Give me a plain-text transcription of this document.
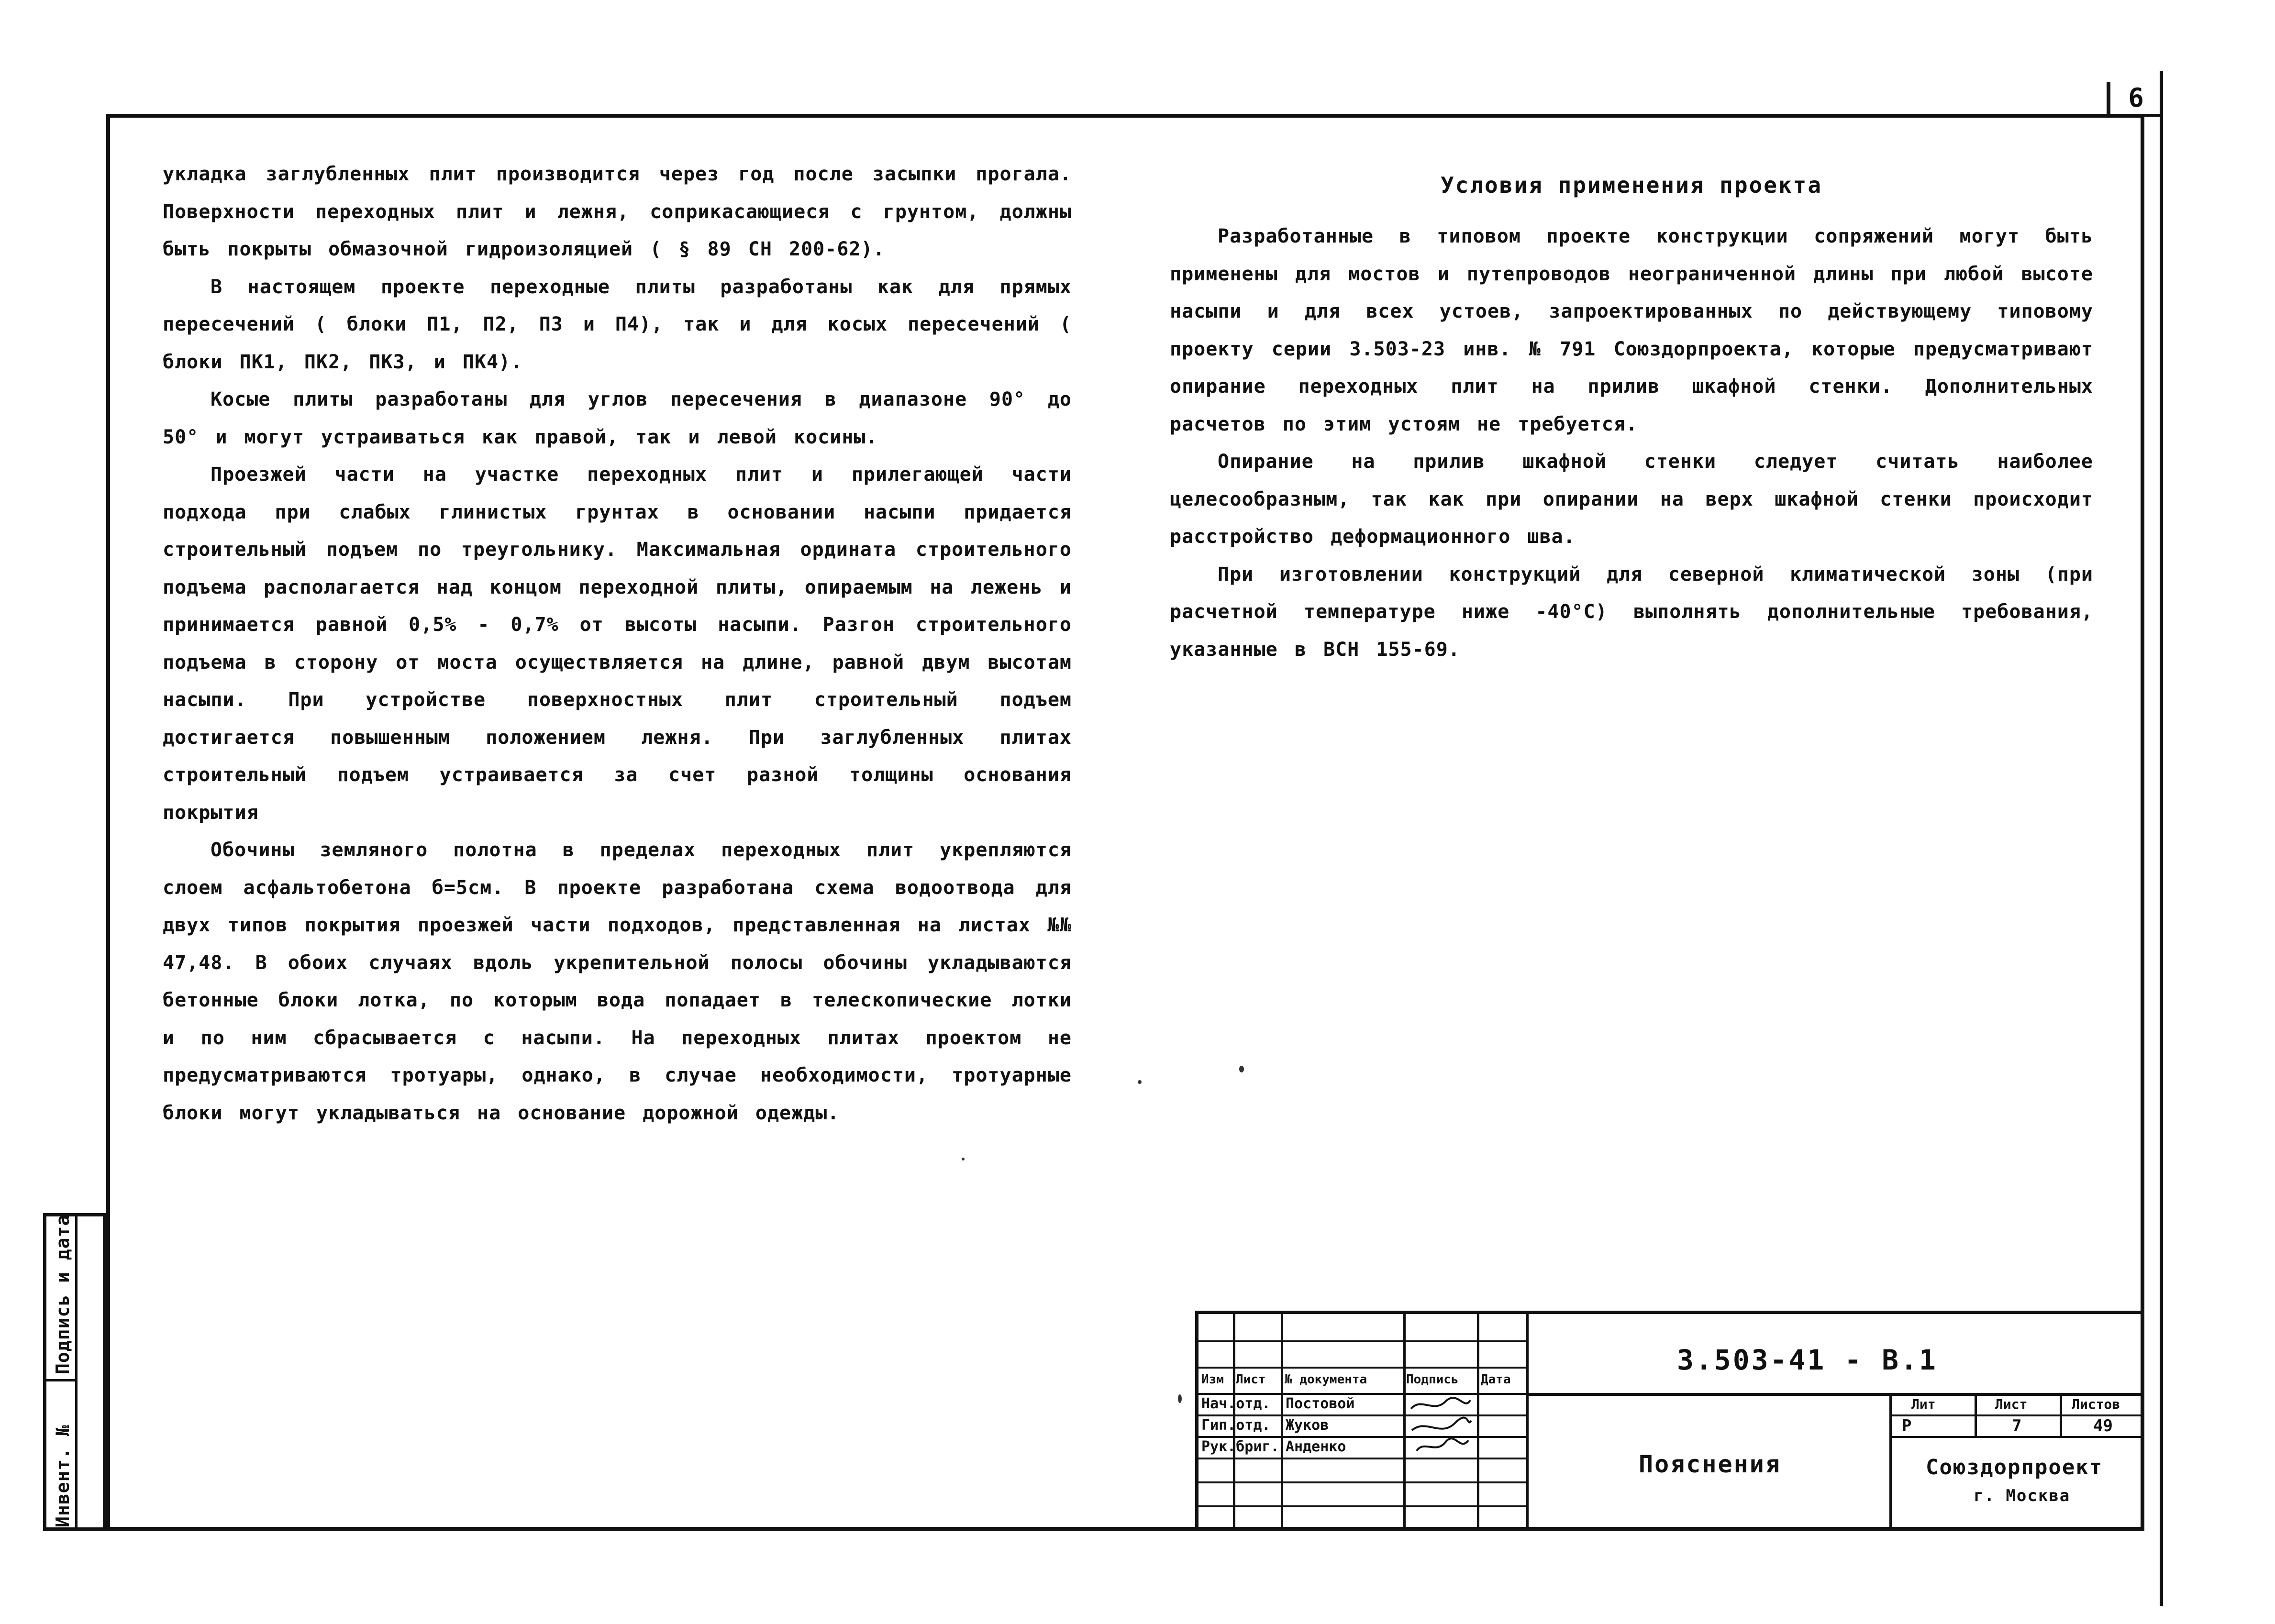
6
Инвент. №
Подпись и дата

укладка заглубленных плит производится через год после засыпки прогала. Поверхности переходных плит и лежня, соприкасающиеся с грунтом, должны быть покрыты обмазочной гидроизоляцией ( § 89 СН 200-62).

В настоящем проекте переходные плиты разработаны как для прямых пересечений ( блоки П1, П2, П3 и П4), так и для косых пересечений ( блоки ПК1, ПК2, ПК3, и ПК4).

Косые плиты разработаны для углов пересечения в диапазоне 90° до 50° и могут устраиваться как правой, так и левой косины.

Проезжей части на участке переходных плит и прилегающей части подхода при слабых глинистых грунтах в основании насыпи придается строительный подъем по треугольнику. Максимальная ордината строительного подъема располагается над концом переходной плиты, опираемым на лежень и принимается равной 0,5% - 0,7% от высоты насыпи. Разгон строительного подъема в сторону от моста осуществляется на длине, равной двум высотам насыпи. При устройстве поверхностных плит строительный подъем достигается повышенным положением лежня. При заглубленных плитах строительный подъем устраивается за счет разной толщины основания покрытия

Обочины земляного полотна в пределах переходных плит укрепляются слоем асфальтобетона б=5см. В проекте разработана схема водоотвода для двух типов покрытия проезжей части подходов, представленная на листах №№ 47,48. В обоих случаях вдоль укрепительной полосы обочины укладываются бетонные блоки лотка, по которым вода попадает в телескопические лотки и по ним сбрасывается с насыпи. На переходных плитах проектом не предусматриваются тротуары, однако, в случае необходимости, тротуарные блоки могут укладываться на основание дорожной одежды.

Условия применения проекта

Разработанные в типовом проекте конструкции сопряжений могут быть применены для мостов и путепроводов неограниченной длины при любой высоте насыпи и для всех устоев, запроектированных по действующему типовому проекту серии 3.503-23 инв. № 791 Союздорпроекта, которые предусматривают опирание переходных плит на прилив шкафной стенки. Дополнительных расчетов по этим устоям не требуется.

Опирание на прилив шкафной стенки следует считать наиболее целесообразным, так как при опирании на верх шкафной стенки происходит расстройство деформационного шва.

При изготовлении конструкций для северной климатической зоны (при расчетной температуре ниже -40°С) выполнять дополнительные требования, указанные в ВСН 155-69.

Изм Лист № документа	Подпись Дата
Нач.отд. Постовой
Гип.отд. Жуков
Рук.бриг. Анденко
3.503-41 - В.1
Пояснения
Лит	Лист	Листов
Р	7	49
Союздорпроект
г. Москва
